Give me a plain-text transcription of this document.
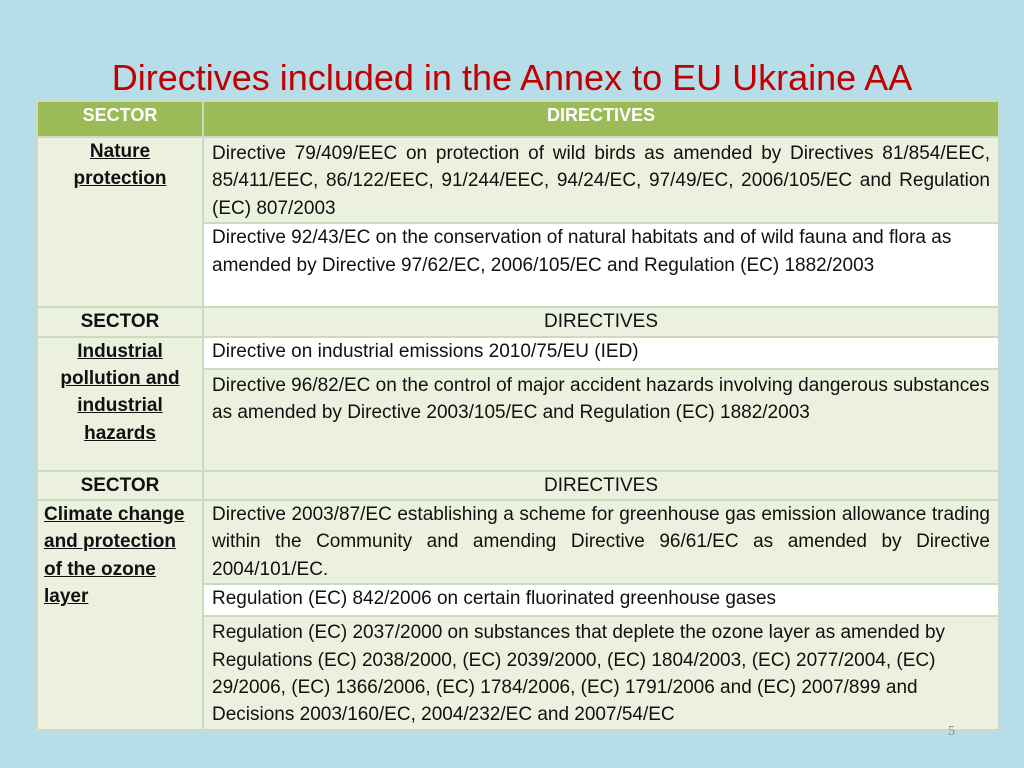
Directives included in the Annex to EU Ukraine AA
SECTOR	DIRECTIVES
Nature
protection	Directive 79/409/EEC on protection of wild birds as amended by Directives 81/854/EEC, 85/411/EEC, 86/122/EEC, 91/244/EEC, 94/24/EC, 97/49/EC, 2006/105/EC and Regulation (EC) 807/2003
	Directive 92/43/EC on the conservation of natural habitats and of wild fauna and flora as amended by Directive 97/62/EC, 2006/105/EC and Regulation (EC) 1882/2003
SECTOR	DIRECTIVES
Industrial
pollution and
industrial
hazards	Directive on industrial emissions 2010/75/EU (IED)
	Directive 96/82/EC on the control of major accident hazards involving dangerous substances as amended by Directive 2003/105/EC and Regulation (EC) 1882/2003
SECTOR	DIRECTIVES
Climate change
and protection
of the ozone
layer	Directive 2003/87/EC establishing a scheme for greenhouse gas emission allowance trading within the Community and amending Directive 96/61/EC as amended by Directive 2004/101/EC.
	Regulation (EC) 842/2006 on certain fluorinated greenhouse gases
	Regulation (EC) 2037/2000 on substances that deplete the ozone layer as amended by Regulations (EC) 2038/2000, (EC) 2039/2000, (EC) 1804/2003, (EC) 2077/2004, (EC) 29/2006, (EC) 1366/2006, (EC) 1784/2006, (EC) 1791/2006 and (EC) 2007/899 and Decisions 2003/160/EC, 2004/232/EC and 2007/54/EC
5
